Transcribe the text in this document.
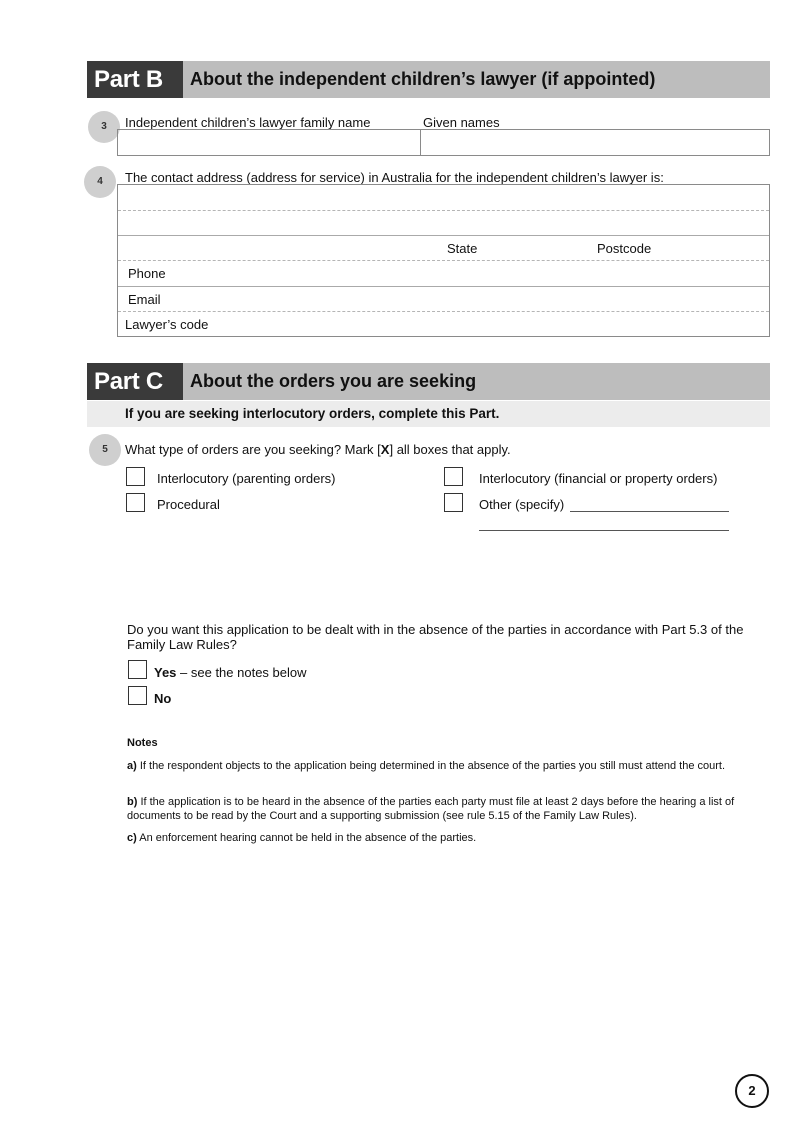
Part B	About the independent children’s lawyer (if appointed)
3	Independent children’s lawyer family name	Given names
4	The contact address (address for service) in Australia for the independent children’s lawyer is:
State	Postcode
Phone
Email
Lawyer’s code
Part C	About the orders you are seeking
If you are seeking interlocutory orders, complete this Part.
5	What type of orders are you seeking? Mark [X] all boxes that apply.
Interlocutory (parenting orders)	Interlocutory (financial or property orders)
Procedural	Other (specify)
Do you want this application to be dealt with in the absence of the parties in accordance with Part 5.3 of the Family Law Rules?
Yes – see the notes below
No
Notes
a) If the respondent objects to the application being determined in the absence of the parties you still must attend the court.
b) If the application is to be heard in the absence of the parties each party must file at least 2 days before the hearing a list of documents to be read by the Court and a supporting submission (see rule 5.15 of the Family Law Rules).
c) An enforcement hearing cannot be held in the absence of the parties.
2
